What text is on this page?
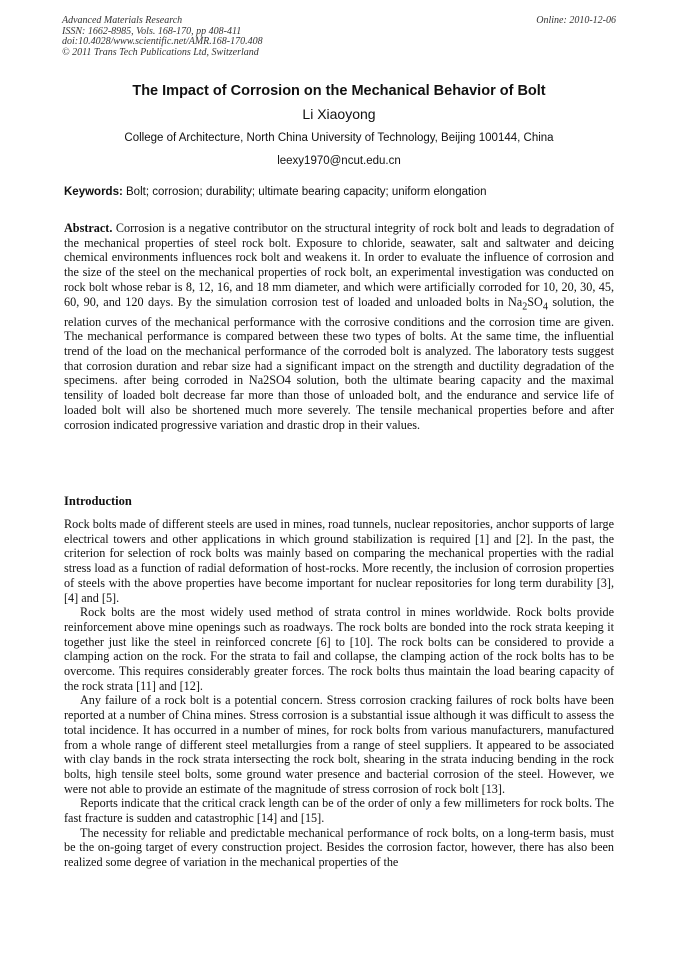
Advanced Materials Research
ISSN: 1662-8985, Vols. 168-170, pp 408-411
doi:10.4028/www.scientific.net/AMR.168-170.408
© 2011 Trans Tech Publications Ltd, Switzerland
Online: 2010-12-06
The Impact of Corrosion on the Mechanical Behavior of Bolt
Li Xiaoyong
College of Architecture, North China University of Technology, Beijing 100144, China
leexy1970@ncut.edu.cn
Keywords: Bolt; corrosion; durability; ultimate bearing capacity; uniform elongation

Abstract. Corrosion is a negative contributor on the structural integrity of rock bolt and leads to degradation of the mechanical properties of steel rock bolt. Exposure to chloride, seawater, salt and saltwater and deicing chemical environments influences rock bolt and weakens it. In order to evaluate the influence of corrosion and the size of the steel on the mechanical properties of rock bolt, an experimental investigation was conducted on rock bolt whose rebar is 8, 12, 16, and 18 mm diameter, and which were artificially corroded for 10, 20, 30, 45, 60, 90, and 120 days. By the simulation corrosion test of loaded and unloaded bolts in $Na_2SO_4$ solution, the relation curves of the mechanical performance with the corrosive conditions and the corrosion time are given. The mechanical performance is compared between these two types of bolts. At the same time, the influential trend of the load on the mechanical performance of the corroded bolt is analyzed. The laboratory tests suggest that corrosion duration and rebar size had a significant impact on the strength and ductility degradation of the specimens. after being corroded in Na2SO4 solution, both the ultimate bearing capacity and the maximal tensility of loaded bolt decrease far more than those of unloaded bolt, and the endurance and service life of loaded bolt will also be shortened much more severely. The tensile mechanical properties before and after corrosion indicated progressive variation and drastic drop in their values.

Introduction

Rock bolts made of different steels are used in mines, road tunnels, nuclear repositories, anchor supports of large electrical towers and other applications in which ground stabilization is required [1] and [2]. In the past, the criterion for selection of rock bolts was mainly based on comparing the mechanical properties with the radial stress load as a function of radial deformation of host-rocks. More recently, the inclusion of corrosion properties of steels with the above properties have become important for nuclear repositories for long term durability [3], [4] and [5].

Rock bolts are the most widely used method of strata control in mines worldwide. Rock bolts provide reinforcement above mine openings such as roadways. The rock bolts are bonded into the rock strata keeping it together just like the steel in reinforced concrete [6] to [10]. The rock bolts can be considered to provide a clamping action on the rock. For the strata to fail and collapse, the clamping action of the rock bolts has to be overcome. This requires considerably greater forces. The rock bolts thus maintain the load bearing capacity of the rock strata [11] and [12].

Any failure of a rock bolt is a potential concern. Stress corrosion cracking failures of rock bolts have been reported at a number of China mines. Stress corrosion is a substantial issue although it was difficult to assess the total incidence. It has occurred in a number of mines, for rock bolts from various manufacturers, manufactured from a whole range of different steel metallurgies from a range of steel suppliers. It appeared to be associated with clay bands in the rock strata intersecting the rock bolt, shearing in the strata inducing bending in the rock bolts, high tensile steel bolts, some ground water presence and bacterial corrosion of the steel. However, we were not able to provide an estimate of the magnitude of stress corrosion of rock bolt [13].

Reports indicate that the critical crack length can be of the order of only a few millimeters for rock bolts. The fast fracture is sudden and catastrophic [14] and [15].

The necessity for reliable and predictable mechanical performance of rock bolts, on a long-term basis, must be the on-going target of every construction project. Besides the corrosion factor, however, there has also been realized some degree of variation in the mechanical properties of the
